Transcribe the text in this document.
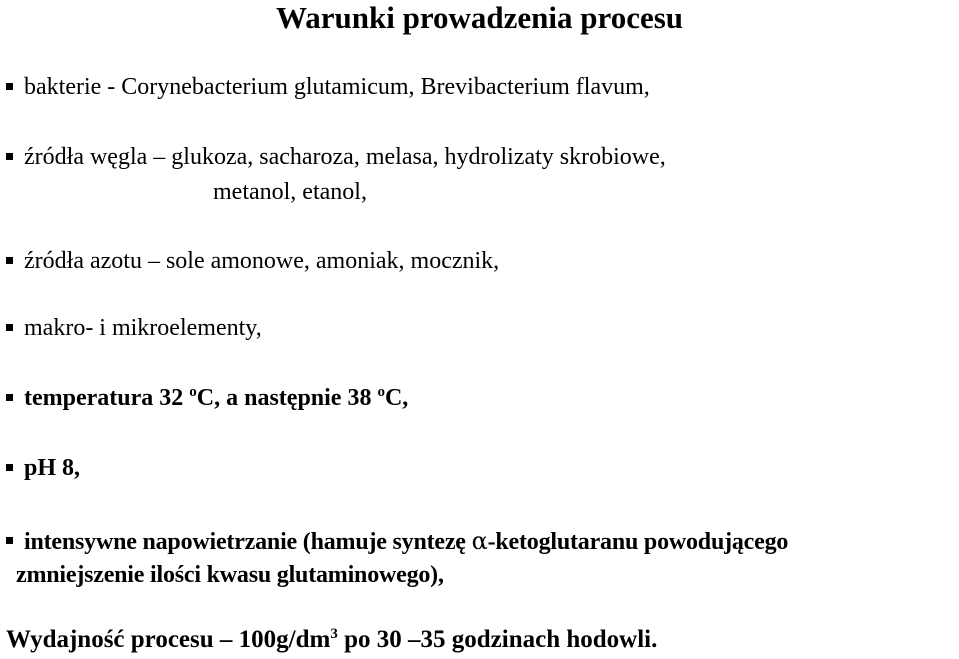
Warunki prowadzenia procesu
bakterie - Corynebacterium glutamicum, Brevibacterium flavum,
źródła węgla – glukoza, sacharoza, melasa, hydrolizaty skrobiowe,
metanol, etanol,
źródła azotu – sole amonowe, amoniak, mocznik,
makro- i mikroelementy,
temperatura 32 $^o$C, a następnie 38 $^o$C,
pH 8,
intensywne napowietrzanie (hamuje syntezę α-ketoglutaranu powodującego
zmniejszenie ilości kwasu glutaminowego),
Wydajność procesu – $100g/dm^3$ po 30 –35 godzinach hodowli.
